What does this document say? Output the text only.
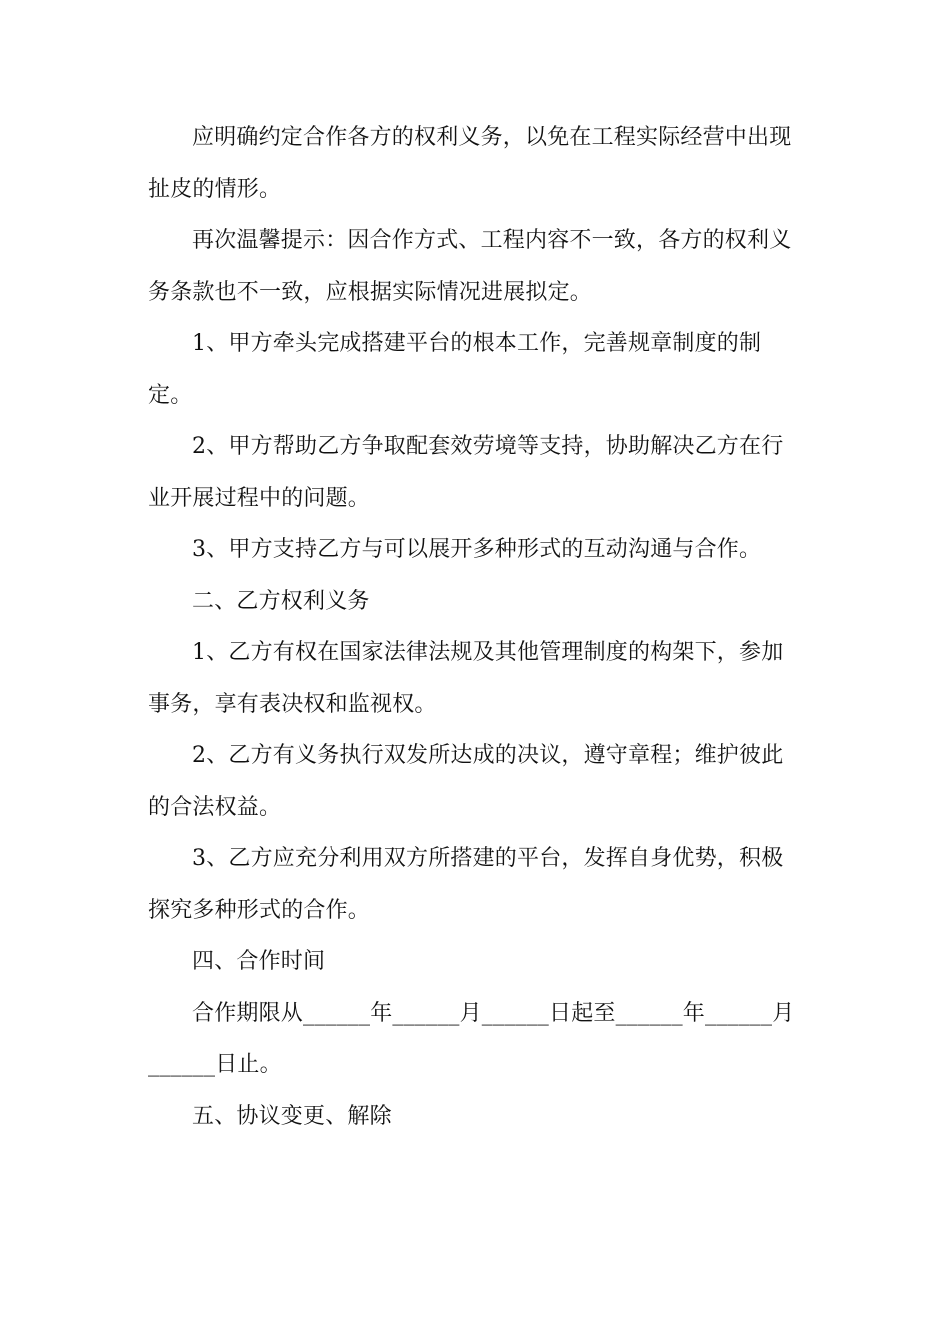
应明确约定合作各方的权利义务，以免在工程实际经营中出现
扯皮的情形。
再次温馨提示：因合作方式、工程内容不一致，各方的权利义
务条款也不一致，应根据实际情况进展拟定。
1、甲方牵头完成搭建平台的根本工作，完善规章制度的制
定。
2、甲方帮助乙方争取配套效劳境等支持，协助解决乙方在行
业开展过程中的问题。
3、甲方支持乙方与可以展开多种形式的互动沟通与合作。
二、乙方权利义务
1、乙方有权在国家法律法规及其他管理制度的构架下，参加
事务，享有表决权和监视权。
2、乙方有义务执行双发所达成的决议，遵守章程；维护彼此
的合法权益。
3、乙方应充分利用双方所搭建的平台，发挥自身优势，积极
探究多种形式的合作。
四、合作时间
合作期限从______年______月______日起至______年______月
______日止。
五、协议变更、解除
